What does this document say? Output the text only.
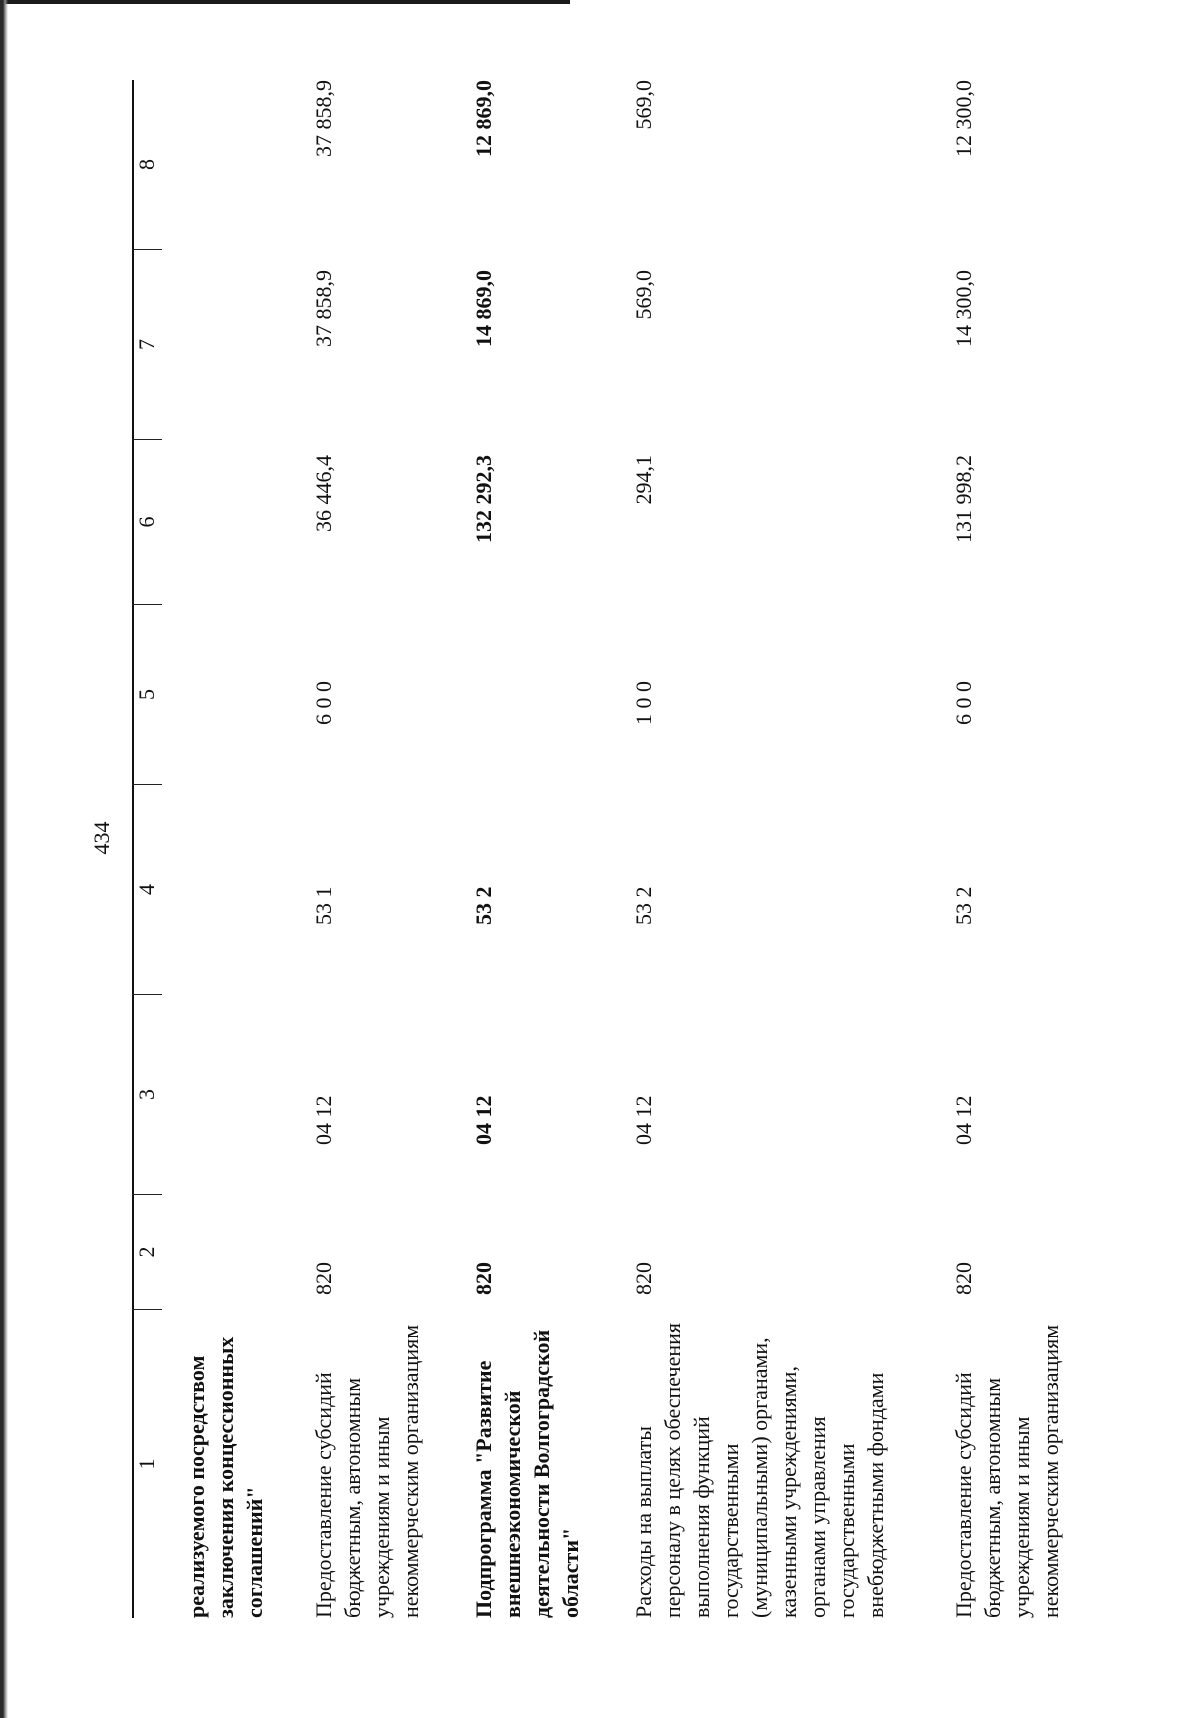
434
1
2
3
4
5
6
7
8
реализуемого посредством заключения концессионных соглашений" Предоставление субсидий бюджетным, автономным учреждениям и иным некоммерческим организациям
820
04 12
53 1
6 0 0
36 446,4
37 858,9
37 858,9
Подпрограмма "Развитие внешнеэкономической деятельности Волгоградской области"
820
04 12
53 2
132 292,3
14 869,0
12 869,0
Расходы на выплаты персоналу в целях обеспечения выполнения функций государственными (муниципальными) органами, казенными учреждениями, органами управления государственными внебюджетными фондами
820
04 12
53 2
1 0 0
294,1
569,0
569,0
Предоставление субсидий бюджетным, автономным учреждениям и иным некоммерческим организациям
820
04 12
53 2
6 0 0
131 998,2
14 300,0
12 300,0
